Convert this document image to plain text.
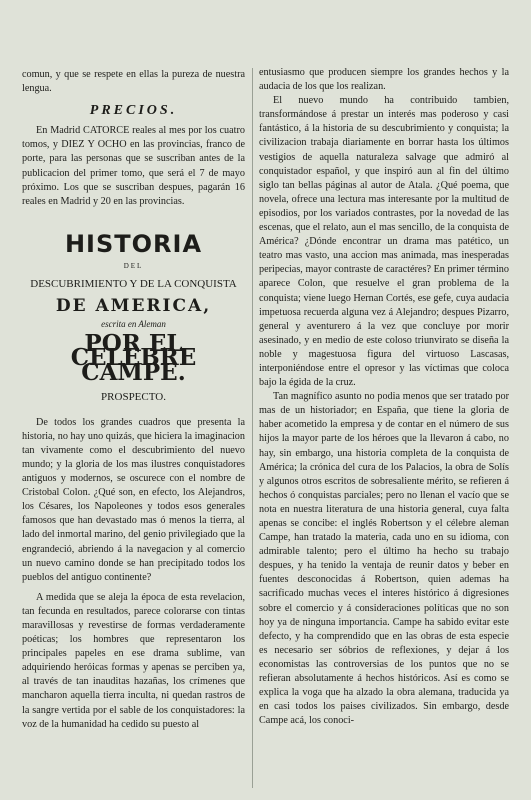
comun, y que se respete en ellas la pureza de nuestra lengua.

PRECIOS.

En Madrid CATORCE reales al mes por los cuatro tomos, y DIEZ Y OCHO en las provincias, franco de porte, para las personas que se suscriban antes de la publicacion del primer tomo, que será el 7 de mayo próximo. Los que se suscriban despues, pagarán 16 reales en Madrid y 20 en las provincias.

HISTORIA
DEL
DESCUBRIMIENTO Y DE LA CONQUISTA
DE AMERICA,
escrita en Aleman
POR EL CELEBRE CAMPE.
PROSPECTO.

De todos los grandes cuadros que presenta la historia, no hay uno quizás, que hiciera la imaginacion tan vivamente como el descubrimiento del nuevo mundo; y la gloria de los mas ilustres conquistadores antiguos y modernos, se oscurece con el nombre de Cristobal Colon. ¿Qué son, en efecto, los Alejandros, los Césares, los Napoleones y todos esos generales famosos que han devastado mas ó menos la tierra, al lado del inmortal marino, del genio privilegiado que la engrandeció, abriendo á la navegacion y al comercio un nuevo camino donde se han precipitado todos los pueblos del antiguo continente?

A medida que se aleja la época de esta revelacion, tan fecunda en resultados, parece colorarse con tintas maravillosas y revestirse de formas verdaderamente poéticas; los hombres que representaron los principales papeles en ese drama sublime, van adquiriendo heróicas formas y apenas se perciben ya, al través de tan inauditas hazañas, los crímenes que mancharon aquella tierra inculta, ni quedan rastros de la sangre vertida por el sable de los conquistadores: la voz de la humanidad ha cedido su puesto al

entusiasmo que producen siempre los grandes hechos y la audacia de los que los realizan.

El nuevo mundo ha contribuido tambien, transformándose á prestar un interés mas poderoso y casi fantástico, á la historia de su descubrimiento y conquista; la civilizacion trabaja diariamente en borrar hasta los últimos vestigios de aquella naturaleza salvage que admiró al conquistador español, y que inspiró aun al fin del último siglo tan bellas páginas al autor de Atala. ¿Qué poema, que novela, ofrece una lectura mas interesante por la multitud de episodios, por los variados contrastes, por la novedad de las escenas, que el relato, aun el mas sencillo, de la conquista de América? ¿Dónde encontrar un drama mas patético, un teatro mas vasto, una accion mas animada, mas inesperadas peripecias, mayor contraste de caractéres? En primer término aparece Colon, que resuelve el gran problema de la conquista; viene luego Hernan Cortés, ese gefe, cuya audacia impetuosa recuerda alguna vez á Alejandro; despues Pizarro, general y aventurero á la vez que concluye por morir asesinado, y en medio de este coloso triunvirato se diseña la noble y magestuosa figura del virtuoso Lascasas, interponiéndose entre el opresor y las víctimas que coloca bajo la égida de la cruz.

Tan magnífico asunto no podia menos que ser tratado por mas de un historiador; en España, que tiene la gloria de haber acometido la empresa y de contar en el número de sus hijos la mayor parte de los héroes que la llevaron á cabo, no hay, sin embargo, una historia completa de la conquista de América; la crónica del cura de los Palacios, la obra de Solís y algunos otros escritos de sobresaliente mérito, se refieren á hechos ó conquistas parciales; pero no llenan el vacío que se nota en nuestra literatura de una historia general, cuya falta apenas se concibe: el inglés Robertson y el célebre aleman Campe, han tratado la materia, cada uno en su idioma, con admirable talento; pero el último ha hecho su trabajo despues, y ha tenido la ventaja de reunir datos y beber en fuentes desconocidas á Robertson, quien ademas ha sacrificado muchas veces el interes histórico á digresiones sobre el comercio y á consideraciones políticas que no son hoy ya de ninguna importancia. Campe ha sabido evitar este defecto, y ha comprendido que en las obras de esta especie es necesario ser sóbrios de reflexiones, y dejar á los economistas las controversias de los puntos que no se refieran absolutamente á hechos históricos. Así es como se explica la voga que ha alzado la obra alemana, traducida ya en casi todos los paises civilizados. Sin embargo, desde Campe acá, los conoci-
